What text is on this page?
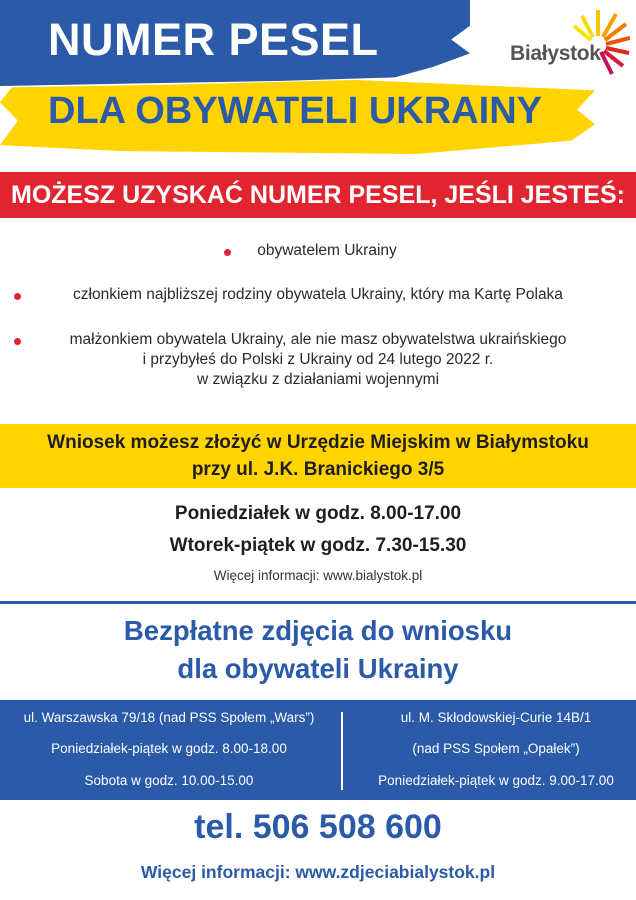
NUMER PESEL
DLA OBYWATELI UKRAINY
Białystok
MOŻESZ UZYSKAĆ NUMER PESEL, JEŚLI JESTEŚ:
obywatelem Ukrainy
członkiem najbliższej rodziny obywatela Ukrainy, który ma Kartę Polaka
małżonkiem obywatela Ukrainy, ale nie masz obywatelstwa ukraińskiego
i przybyłeś do Polski z Ukrainy od 24 lutego 2022 r.
w związku z działaniami wojennymi
Wniosek możesz złożyć w Urzędzie Miejskim w Białymstoku
przy ul. J.K. Branickiego 3/5
Poniedziałek w godz. 8.00-17.00
Wtorek-piątek w godz. 7.30-15.30
Więcej informacji: www.bialystok.pl
Bezpłatne zdjęcia do wniosku
dla obywateli Ukrainy
ul. Warszawska 79/18 (nad PSS Społem „Wars”)
Poniedziałek-piątek w godz. 8.00-18.00
Sobota w godz. 10.00-15.00
ul. M. Skłodowskiej-Curie 14B/1
(nad PSS Społem „Opałek”)
Poniedziałek-piątek w godz. 9.00-17.00
tel. 506 508 600
Więcej informacji: www.zdjeciabialystok.pl
